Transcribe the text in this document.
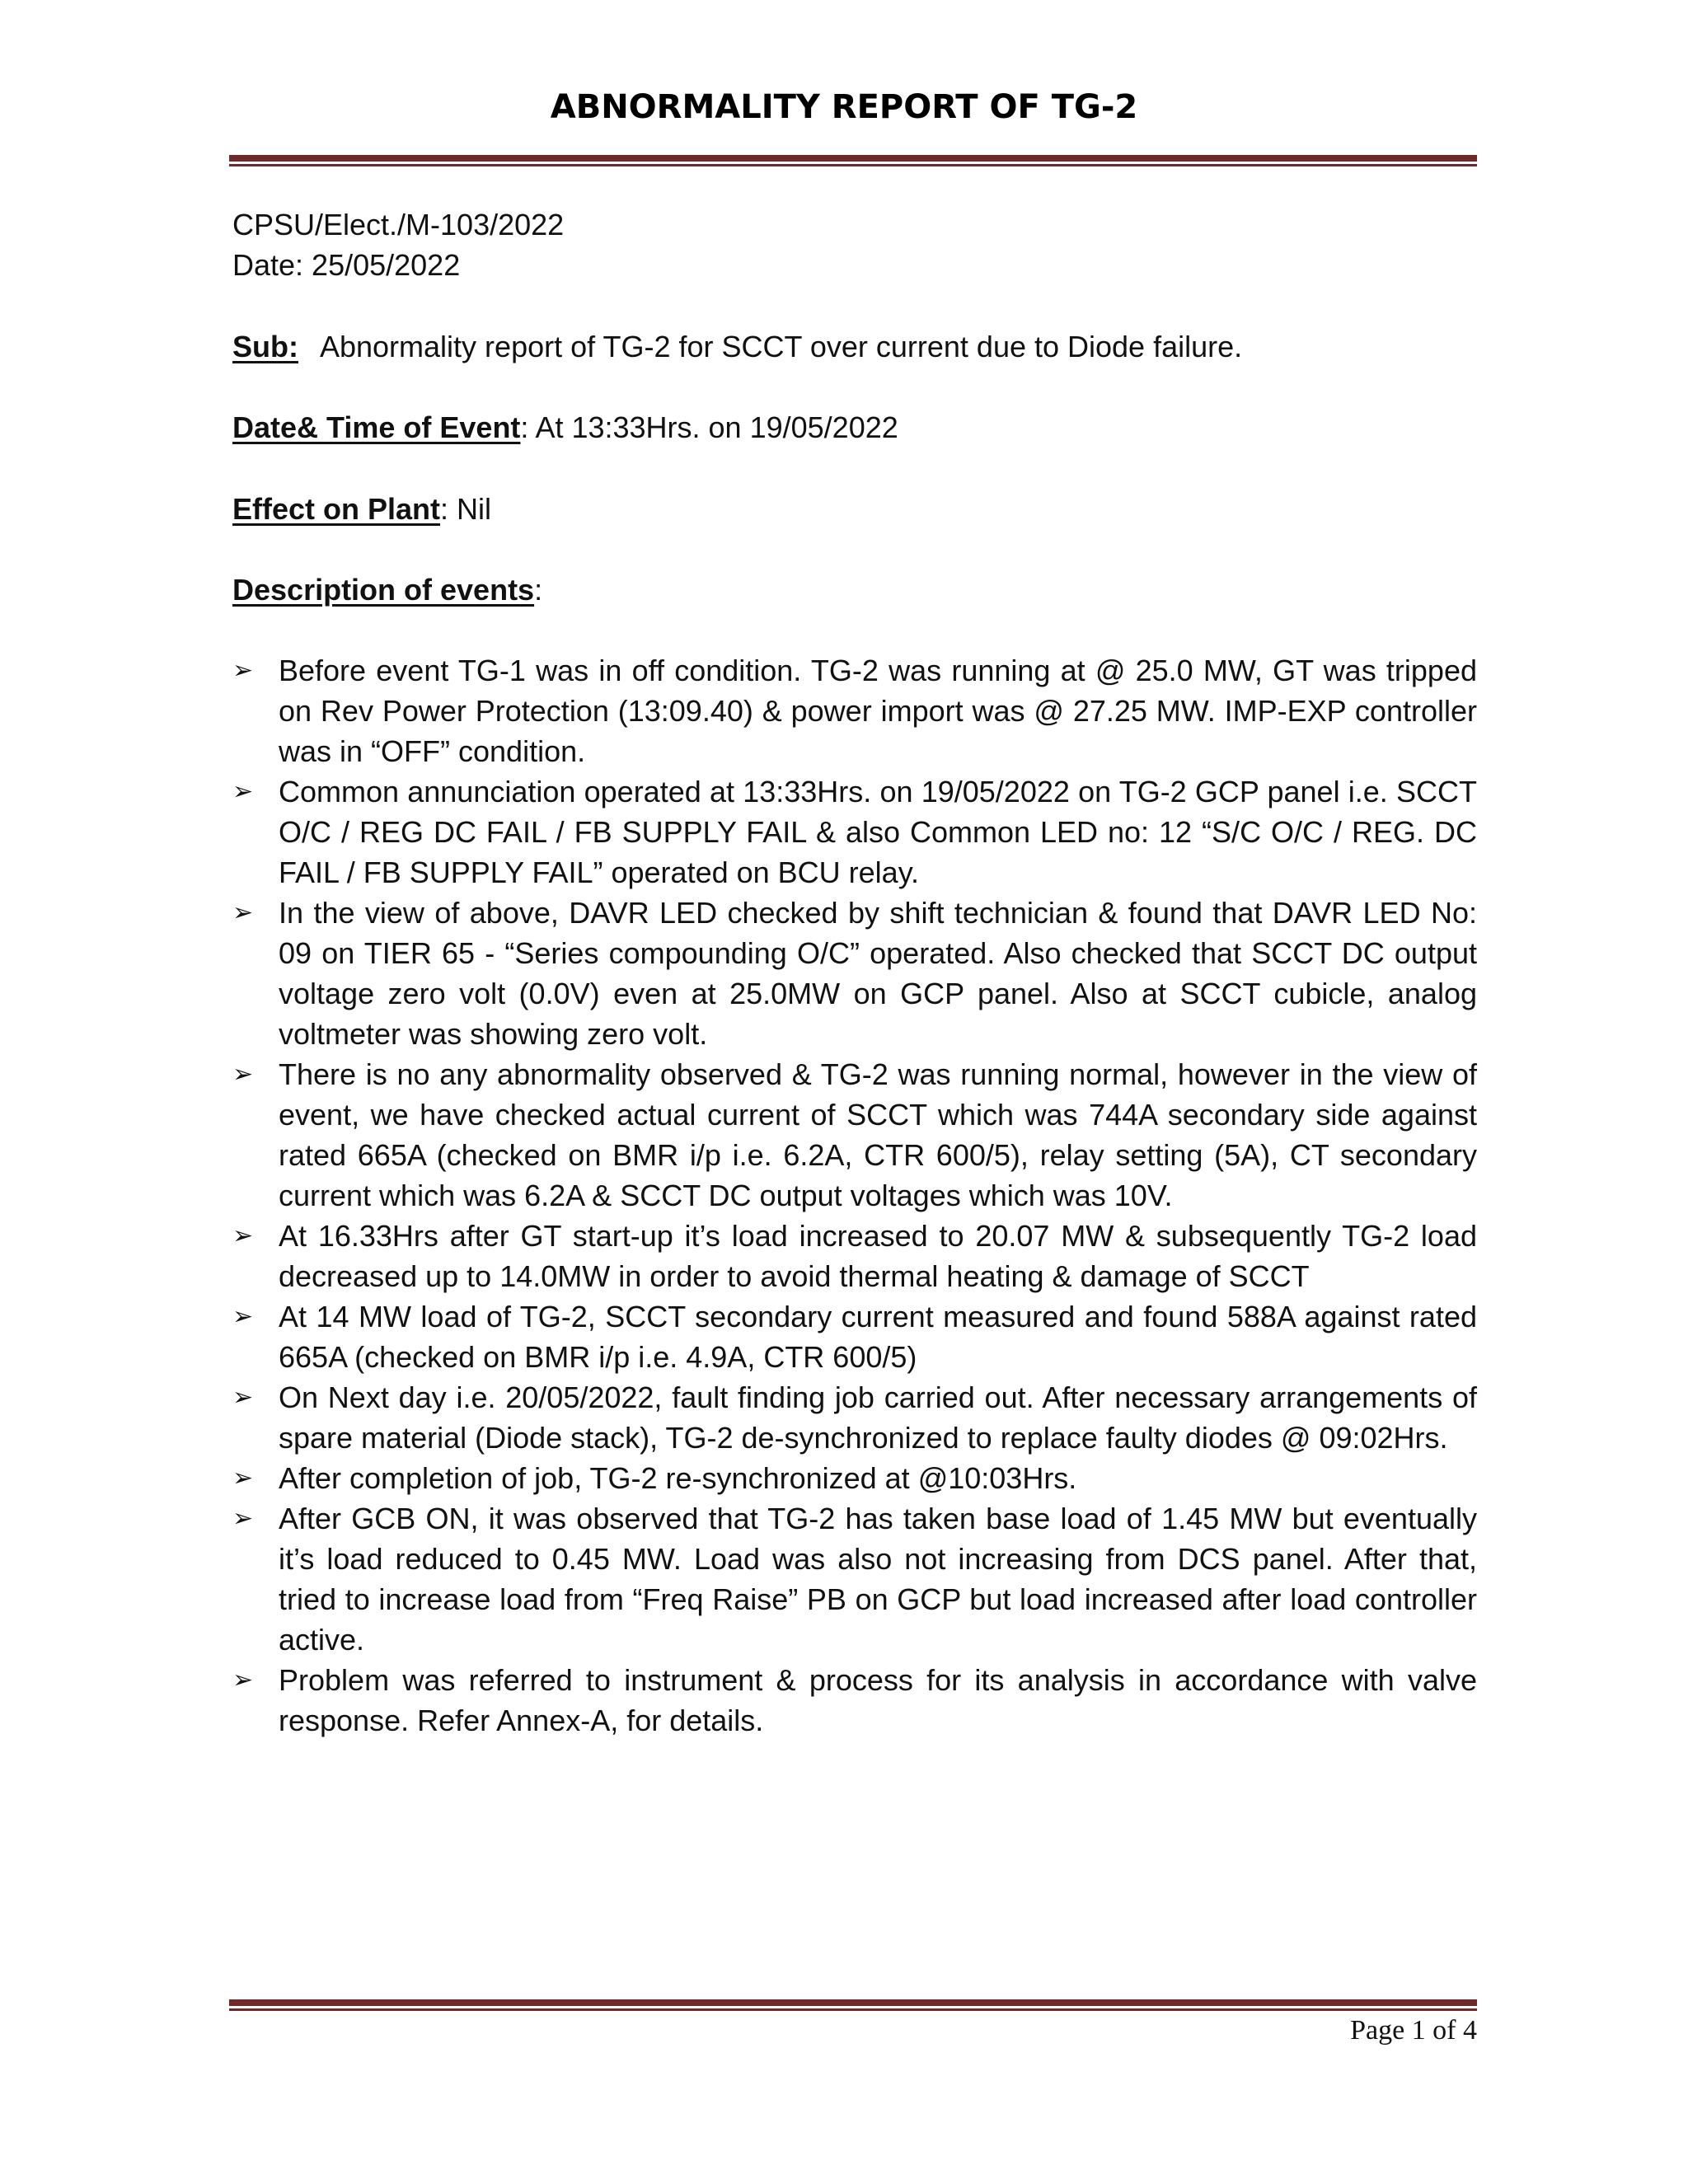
ABNORMALITY REPORT OF TG-2
CPSU/Elect./M-103/2022
Date: 25/05/2022
Sub: Abnormality report of TG-2 for SCCT over current due to Diode failure.
Date& Time of Event: At 13:33Hrs. on 19/05/2022
Effect on Plant: Nil
Description of events:
➢ Before event TG-1 was in off condition. TG-2 was running at @ 25.0 MW, GT was tripped on Rev Power Protection (13:09.40) & power import was @ 27.25 MW. IMP-EXP controller was in “OFF” condition.
➢ Common annunciation operated at 13:33Hrs. on 19/05/2022 on TG-2 GCP panel i.e. SCCT O/C / REG DC FAIL / FB SUPPLY FAIL & also Common LED no: 12 “S/C O/C / REG. DC FAIL / FB SUPPLY FAIL” operated on BCU relay.
➢ In the view of above, DAVR LED checked by shift technician & found that DAVR LED No: 09 on TIER 65 - “Series compounding O/C” operated. Also checked that SCCT DC output voltage zero volt (0.0V) even at 25.0MW on GCP panel. Also at SCCT cubicle, analog voltmeter was showing zero volt.
➢ There is no any abnormality observed & TG-2 was running normal, however in the view of event, we have checked actual current of SCCT which was 744A secondary side against rated 665A (checked on BMR i/p i.e. 6.2A, CTR 600/5), relay setting (5A), CT secondary current which was 6.2A & SCCT DC output voltages which was 10V.
➢ At 16.33Hrs after GT start-up it’s load increased to 20.07 MW & subsequently TG-2 load decreased up to 14.0MW in order to avoid thermal heating & damage of SCCT
➢ At 14 MW load of TG-2, SCCT secondary current measured and found 588A against rated 665A (checked on BMR i/p i.e. 4.9A, CTR 600/5)
➢ On Next day i.e. 20/05/2022, fault finding job carried out. After necessary arrangements of spare material (Diode stack), TG-2 de-synchronized to replace faulty diodes @ 09:02Hrs.
➢ After completion of job, TG-2 re-synchronized at @10:03Hrs.
➢ After GCB ON, it was observed that TG-2 has taken base load of 1.45 MW but eventually it’s load reduced to 0.45 MW. Load was also not increasing from DCS panel. After that, tried to increase load from “Freq Raise” PB on GCP but load increased after load controller active.
➢ Problem was referred to instrument & process for its analysis in accordance with valve response. Refer Annex-A, for details.
Page 1 of 4
